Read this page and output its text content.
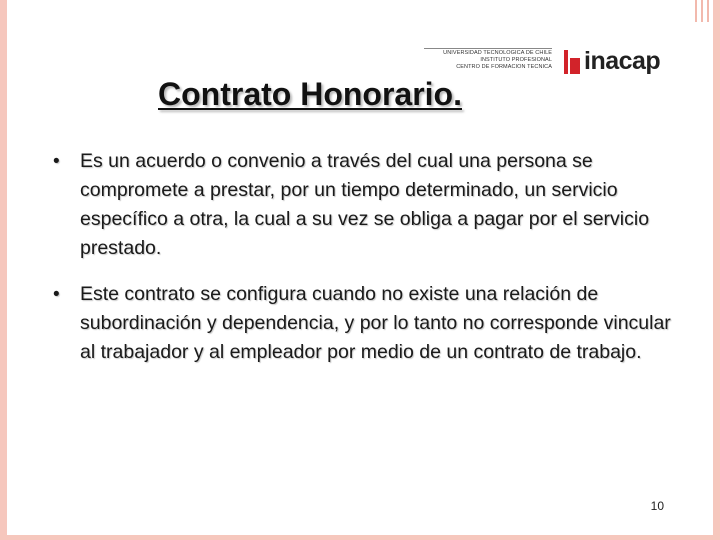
UNIVERSIDAD TECNOLOGICA DE CHILE
INSTITUTO PROFESIONAL
CENTRO DE FORMACION TECNICA inacap
Contrato Honorario.
• Es un acuerdo o convenio a través del cual una persona se compromete a prestar, por un tiempo determinado, un servicio específico a otra, la cual a su vez se obliga a pagar por el servicio prestado.
• Este contrato se configura cuando no existe una relación de subordinación y dependencia, y por lo tanto no corresponde vincular al trabajador y al empleador por medio de un contrato de trabajo.
10
